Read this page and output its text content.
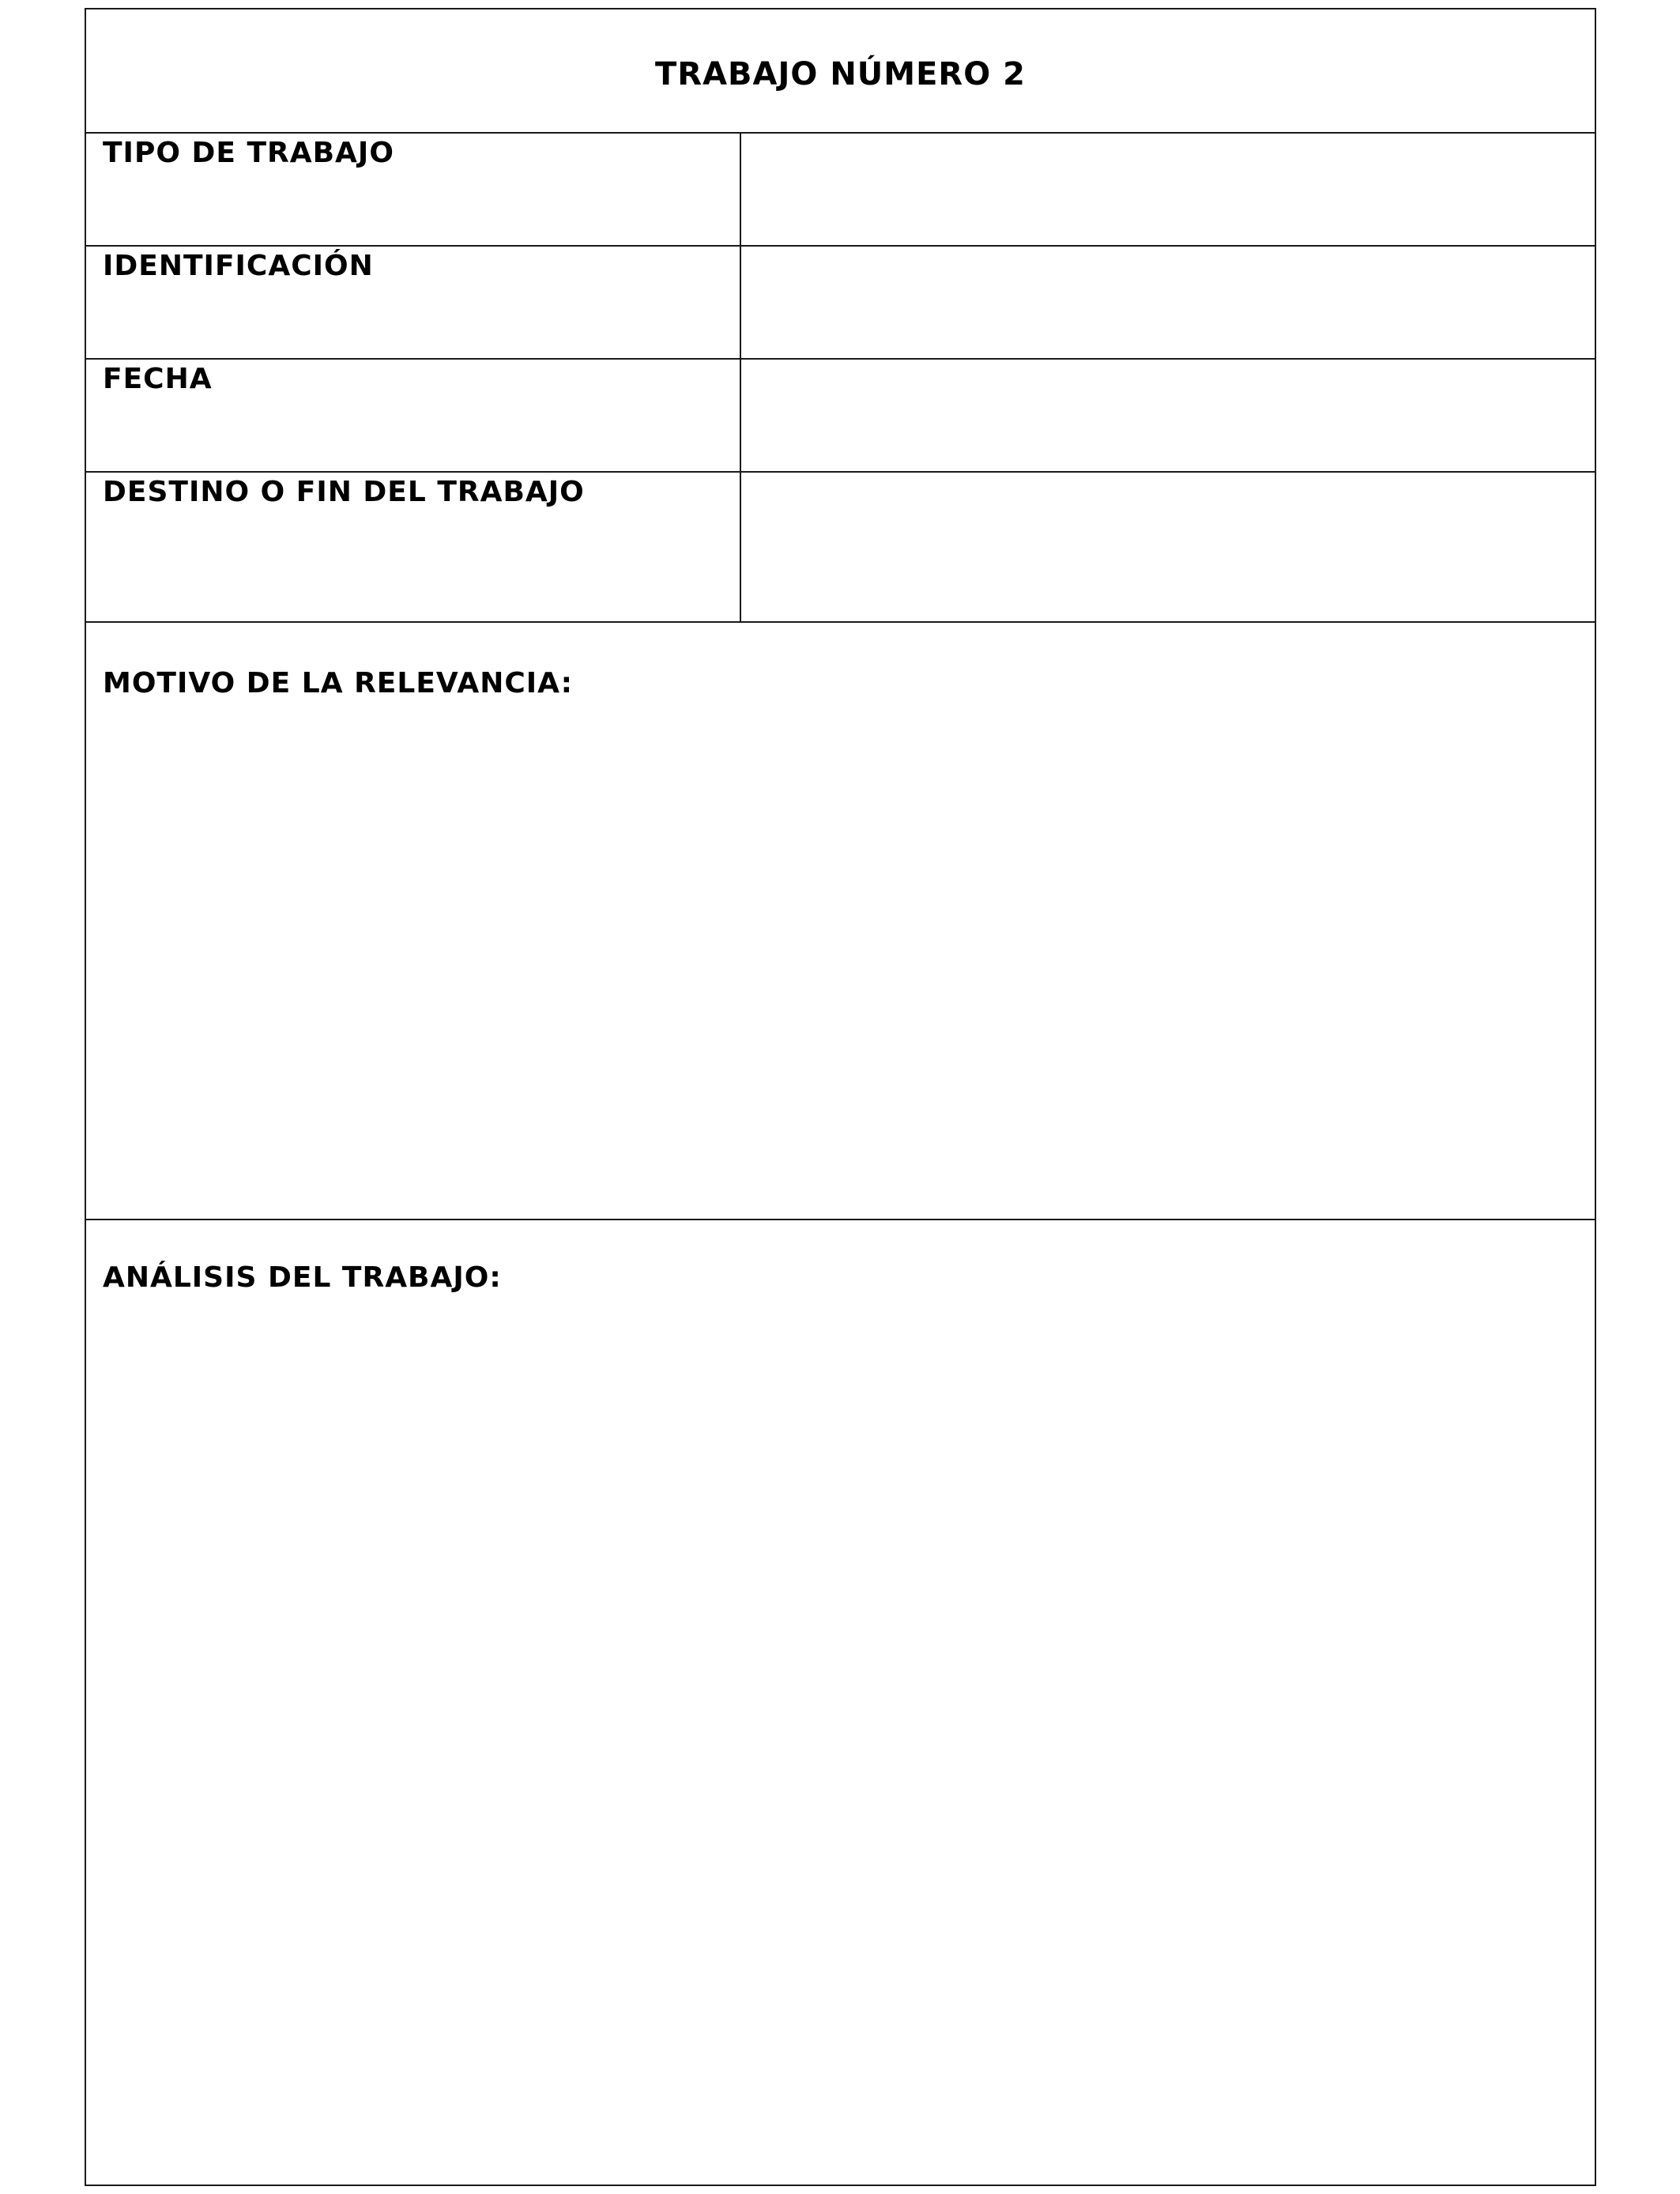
TRABAJO NÚMERO 2
TIPO DE TRABAJO
IDENTIFICACIÓN
FECHA
DESTINO O FIN DEL TRABAJO
MOTIVO DE LA RELEVANCIA:
ANÁLISIS DEL TRABAJO:
